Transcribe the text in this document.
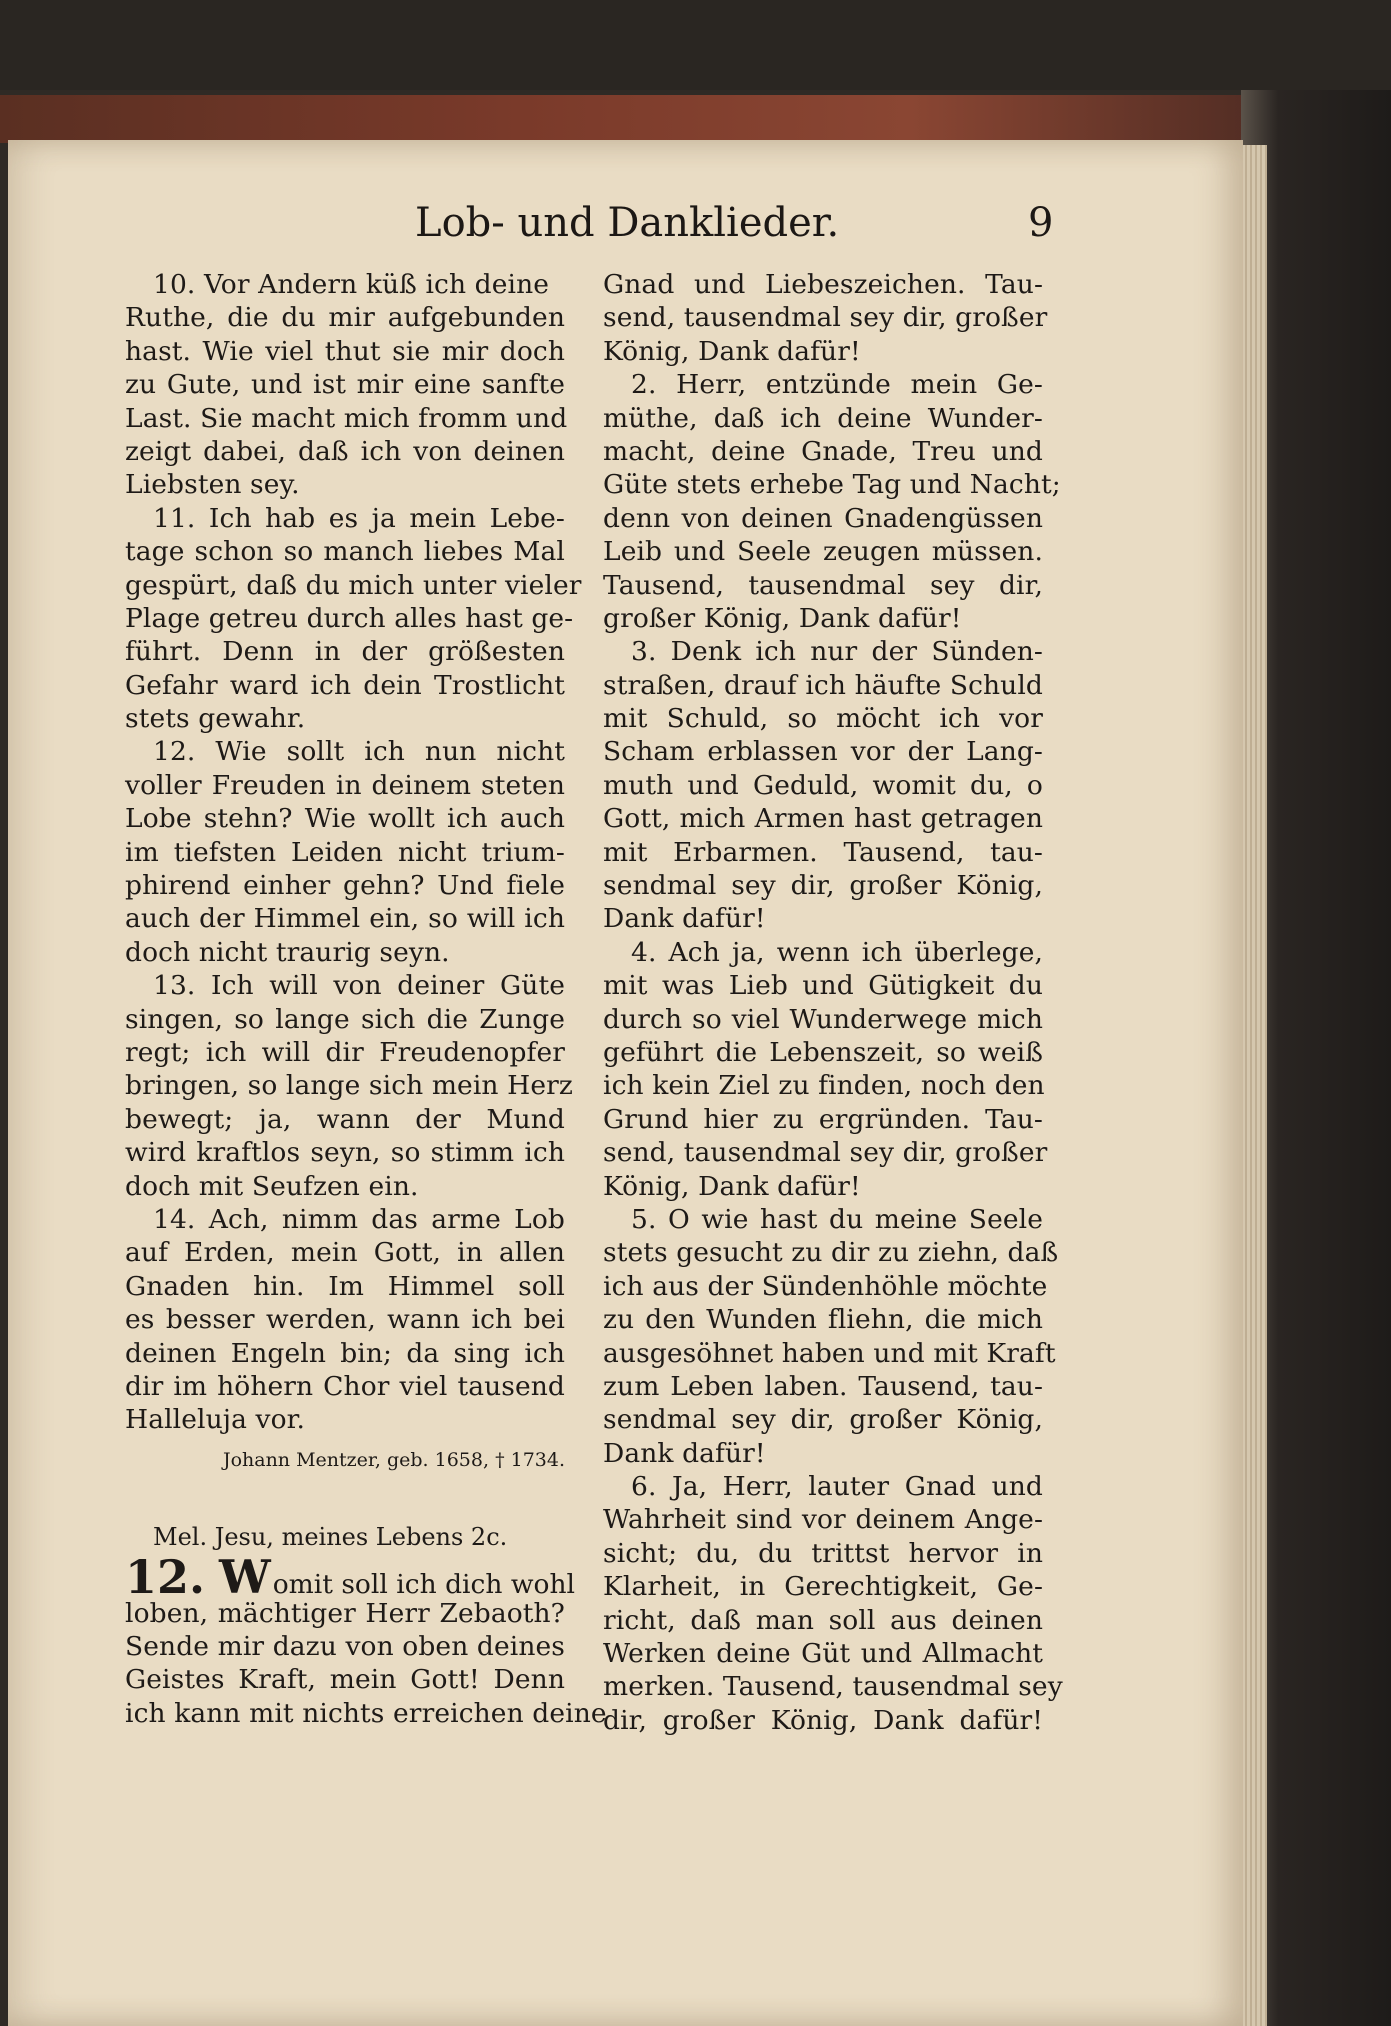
Lob- und Danklieder.	9
10. Vor Andern küß ich deine
Ruthe, die du mir aufgebunden
hast. Wie viel thut sie mir doch
zu Gute, und ist mir eine sanfte
Last. Sie macht mich fromm und
zeigt dabei, daß ich von deinen
Liebsten sey.
11. Ich hab es ja mein Lebe-
tage schon so manch liebes Mal
gespürt, daß du mich unter vieler
Plage getreu durch alles hast ge-
führt. Denn in der größesten
Gefahr ward ich dein Trostlicht
stets gewahr.
12. Wie sollt ich nun nicht
voller Freuden in deinem steten
Lobe stehn? Wie wollt ich auch
im tiefsten Leiden nicht trium-
phirend einher gehn? Und fiele
auch der Himmel ein, so will ich
doch nicht traurig seyn.
13. Ich will von deiner Güte
singen, so lange sich die Zunge
regt; ich will dir Freudenopfer
bringen, so lange sich mein Herz
bewegt; ja, wann der Mund
wird kraftlos seyn, so stimm ich
doch mit Seufzen ein.
14. Ach, nimm das arme Lob
auf Erden, mein Gott, in allen
Gnaden hin. Im Himmel soll
es besser werden, wann ich bei
deinen Engeln bin; da sing ich
dir im höhern Chor viel tausend
Halleluja vor.
Johann Mentzer, geb. 1658, † 1734.
Mel. Jesu, meines Lebens 2c.
12. W omit soll ich dich wohl
loben, mächtiger Herr Zebaoth?
Sende mir dazu von oben deines
Geistes Kraft, mein Gott! Denn
ich kann mit nichts erreichen deine
Gnad und Liebeszeichen. Tau-
send, tausendmal sey dir, großer
König, Dank dafür!
2. Herr, entzünde mein Ge-
müthe, daß ich deine Wunder-
macht, deine Gnade, Treu und
Güte stets erhebe Tag und Nacht;
denn von deinen Gnadengüssen
Leib und Seele zeugen müssen.
Tausend, tausendmal sey dir,
großer König, Dank dafür!
3. Denk ich nur der Sünden-
straßen, drauf ich häufte Schuld
mit Schuld, so möcht ich vor
Scham erblassen vor der Lang-
muth und Geduld, womit du, o
Gott, mich Armen hast getragen
mit Erbarmen. Tausend, tau-
sendmal sey dir, großer König,
Dank dafür!
4. Ach ja, wenn ich überlege,
mit was Lieb und Gütigkeit du
durch so viel Wunderwege mich
geführt die Lebenszeit, so weiß
ich kein Ziel zu finden, noch den
Grund hier zu ergründen. Tau-
send, tausendmal sey dir, großer
König, Dank dafür!
5. O wie hast du meine Seele
stets gesucht zu dir zu ziehn, daß
ich aus der Sündenhöhle möchte
zu den Wunden fliehn, die mich
ausgesöhnet haben und mit Kraft
zum Leben laben. Tausend, tau-
sendmal sey dir, großer König,
Dank dafür!
6. Ja, Herr, lauter Gnad und
Wahrheit sind vor deinem Ange-
sicht; du, du trittst hervor in
Klarheit, in Gerechtigkeit, Ge-
richt, daß man soll aus deinen
Werken deine Güt und Allmacht
merken. Tausend, tausendmal sey
dir, großer König, Dank dafür!
